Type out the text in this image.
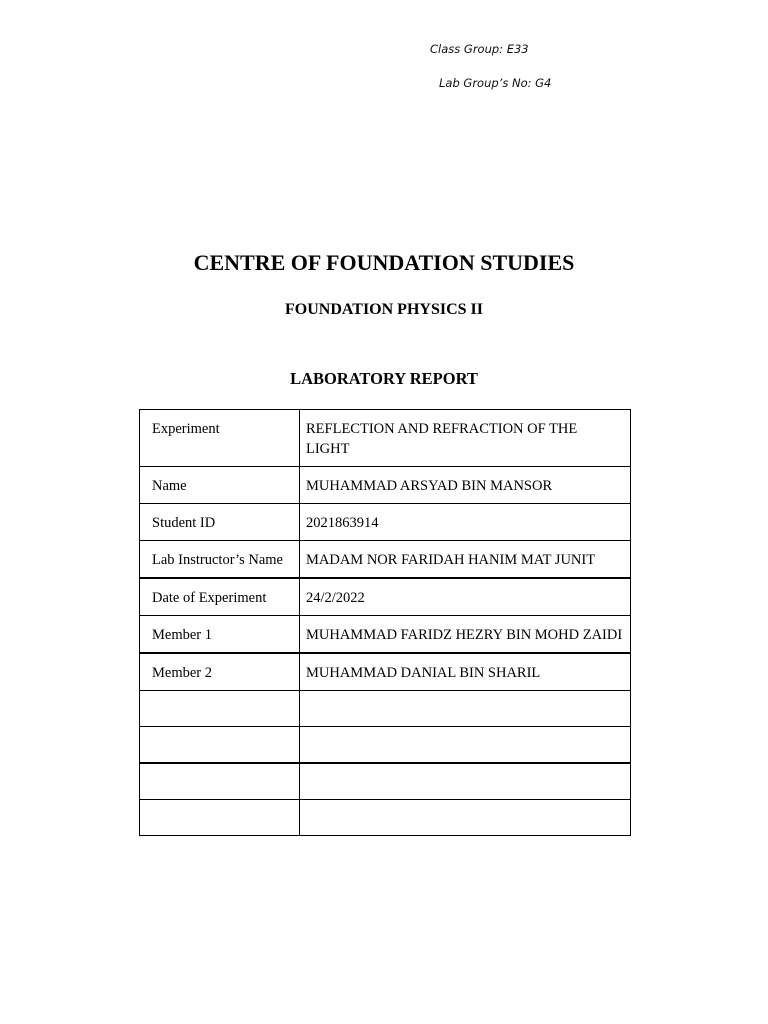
Class Group: E33
Lab Group’s No: G4
CENTRE OF FOUNDATION STUDIES
FOUNDATION PHYSICS II
LABORATORY REPORT
Experiment	REFLECTION AND REFRACTION OF THE LIGHT
Name	MUHAMMAD ARSYAD BIN MANSOR
Student ID	2021863914
Lab Instructor’s Name	MADAM NOR FARIDAH HANIM MAT JUNIT
Date of Experiment	24/2/2022
Member 1	MUHAMMAD FARIDZ HEZRY BIN MOHD ZAIDI
Member 2	MUHAMMAD DANIAL BIN SHARIL
